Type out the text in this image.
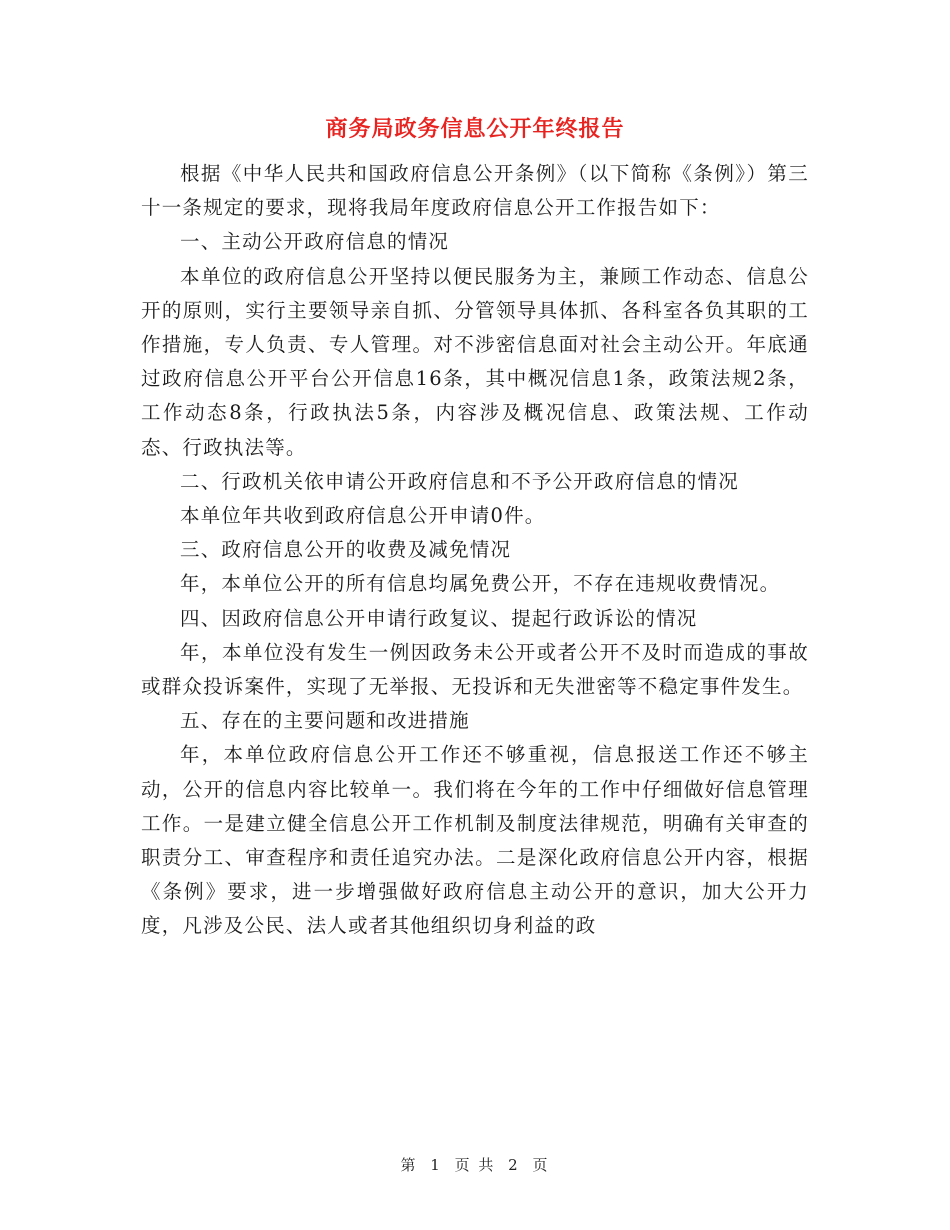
商务局政务信息公开年终报告

根据《中华人民共和国政府信息公开条例》（以下简称《条例》）第三十一条规定的要求，现将我局年度政府信息公开工作报告如下：

一、主动公开政府信息的情况

本单位的政府信息公开坚持以便民服务为主，兼顾工作动态、信息公开的原则，实行主要领导亲自抓、分管领导具体抓、各科室各负其职的工作措施，专人负责、专人管理。对不涉密信息面对社会主动公开。年底通过政府信息公开平台公开信息16条，其中概况信息1条，政策法规2条，工作动态8条，行政执法5条，内容涉及概况信息、政策法规、工作动态、行政执法等。

二、行政机关依申请公开政府信息和不予公开政府信息的情况

本单位年共收到政府信息公开申请0件。

三、政府信息公开的收费及减免情况

年，本单位公开的所有信息均属免费公开，不存在违规收费情况。

四、因政府信息公开申请行政复议、提起行政诉讼的情况

年，本单位没有发生一例因政务未公开或者公开不及时而造成的事故或群众投诉案件，实现了无举报、无投诉和无失泄密等不稳定事件发生。

五、存在的主要问题和改进措施

年，本单位政府信息公开工作还不够重视，信息报送工作还不够主动，公开的信息内容比较单一。我们将在今年的工作中仔细做好信息管理工作。一是建立健全信息公开工作机制及制度法律规范，明确有关审查的职责分工、审查程序和责任追究办法。二是深化政府信息公开内容，根据《条例》要求，进一步增强做好政府信息主动公开的意识，加大公开力度，凡涉及公民、法人或者其他组织切身利益的政

第 1 页 共 2 页
